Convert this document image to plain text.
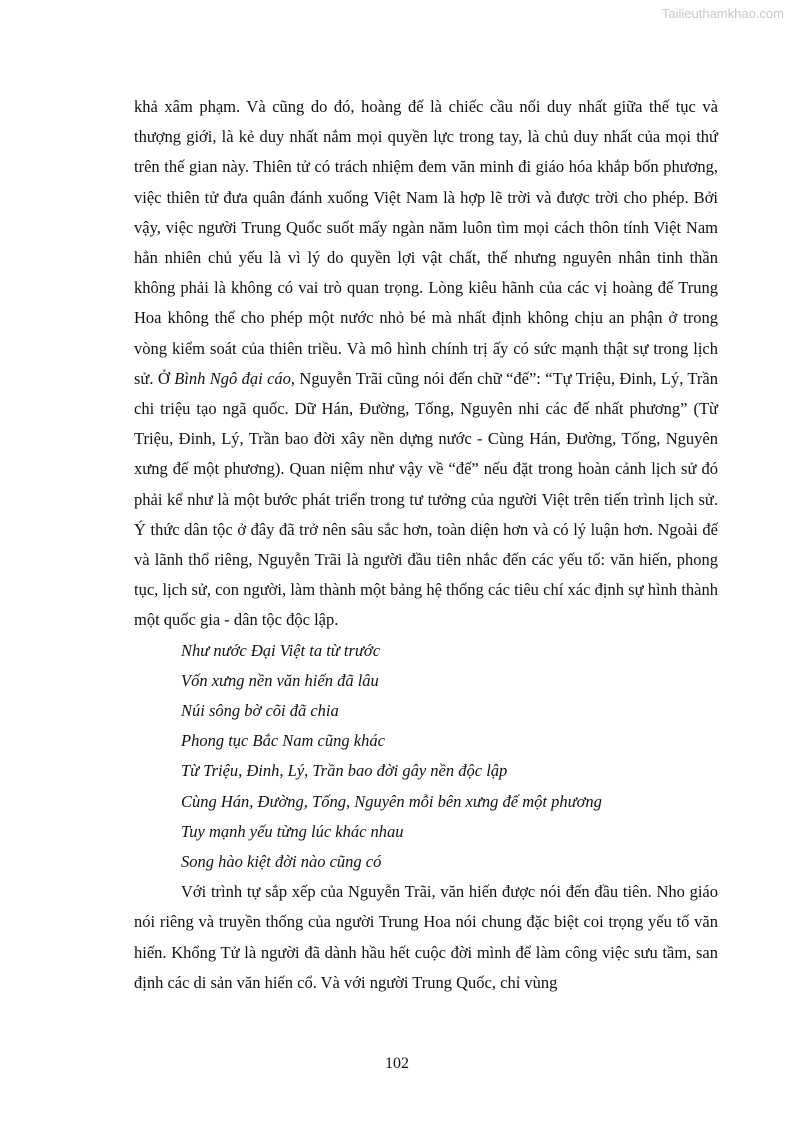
Tailieuthamkhao.com

khả xâm phạm. Và cũng do đó, hoàng đế là chiếc cầu nối duy nhất giữa thế tục và thượng giới, là kẻ duy nhất nắm mọi quyền lực trong tay, là chủ duy nhất của mọi thứ trên thế gian này. Thiên tử có trách nhiệm đem văn minh đi giáo hóa khắp bốn phương, việc thiên tử đưa quân đánh xuống Việt Nam là hợp lẽ trời và được trời cho phép. Bởi vậy, việc người Trung Quốc suốt mấy ngàn năm luôn tìm mọi cách thôn tính Việt Nam hẳn nhiên chủ yếu là vì lý do quyền lợi vật chất, thế nhưng nguyên nhân tinh thần không phải là không có vai trò quan trọng. Lòng kiêu hãnh của các vị hoàng đế Trung Hoa không thể cho phép một nước nhỏ bé mà nhất định không chịu an phận ở trong vòng kiểm soát của thiên triều. Và mô hình chính trị ấy có sức mạnh thật sự trong lịch sử. Ở Bình Ngô đại cáo, Nguyễn Trãi cũng nói đến chữ “đế”: “Tự Triệu, Đinh, Lý, Trần chi triệu tạo ngã quốc. Dữ Hán, Đường, Tống, Nguyên nhi các đế nhất phương” (Từ Triệu, Đinh, Lý, Trần bao đời xây nền dựng nước - Cùng Hán, Đường, Tống, Nguyên xưng đế một phương). Quan niệm như vậy về “đế” nếu đặt trong hoàn cảnh lịch sử đó phải kể như là một bước phát triển trong tư tưởng của người Việt trên tiến trình lịch sử. Ý thức dân tộc ở đây đã trở nên sâu sắc hơn, toàn diện hơn và có lý luận hơn. Ngoài đế và lãnh thổ riêng, Nguyễn Trãi là người đầu tiên nhắc đến các yếu tố: văn hiến, phong tục, lịch sử, con người, làm thành một bảng hệ thống các tiêu chí xác định sự hình thành một quốc gia - dân tộc độc lập.

Như nước Đại Việt ta từ trước
Vốn xưng nền văn hiến đã lâu
Núi sông bờ cõi đã chia
Phong tục Bắc Nam cũng khác
Từ Triệu, Đinh, Lý, Trần bao đời gây nền độc lập
Cùng Hán, Đường, Tống, Nguyên mỗi bên xưng đế một phương
Tuy mạnh yếu từng lúc khác nhau
Song hào kiệt đời nào cũng có

Với trình tự sắp xếp của Nguyễn Trãi, văn hiến được nói đến đầu tiên. Nho giáo nói riêng và truyền thống của người Trung Hoa nói chung đặc biệt coi trọng yếu tố văn hiến. Khổng Tử là người đã dành hầu hết cuộc đời mình để làm công việc sưu tầm, san định các di sản văn hiến cổ. Và với người Trung Quốc, chỉ vùng

102
